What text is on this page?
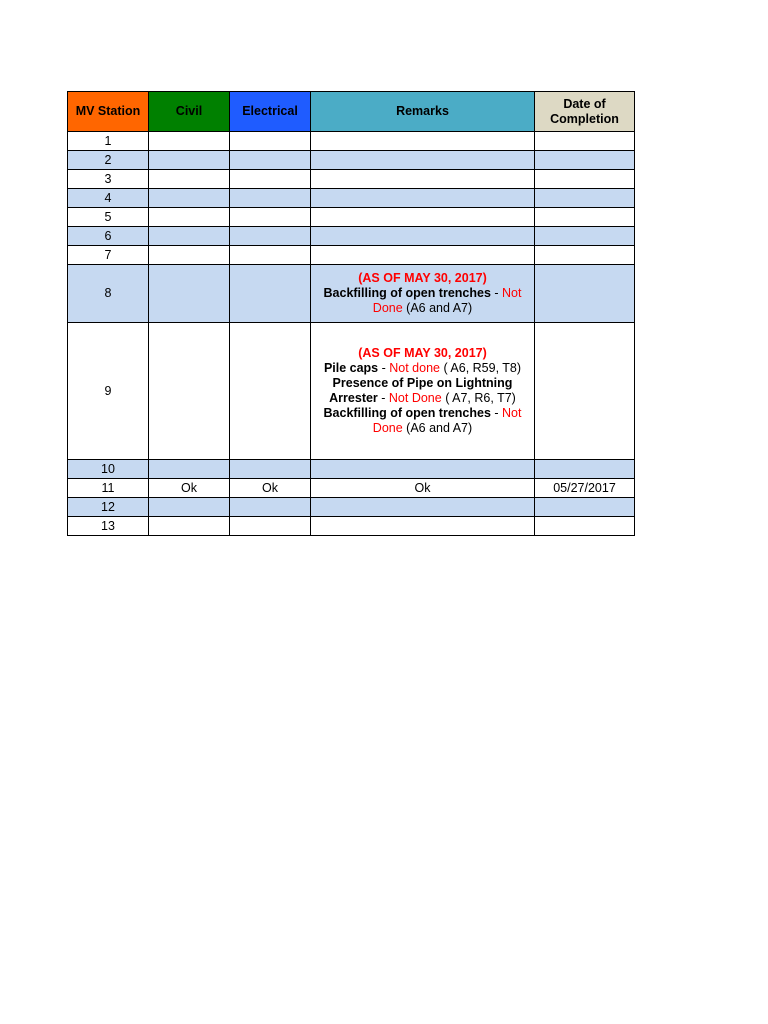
MV Station	Civil	Electrical	Remarks	Date of Completion
1				
2				
3				
4				
5				
6				
7				
8			(AS OF MAY 30, 2017)
Backfilling of open trenches - Not Done (A6 and A7)	

9			(AS OF MAY 30, 2017)
Pile caps - Not done ( A6, R59, T8)
Presence of Pipe on Lightning Arrester - Not Done ( A7, R6, T7)
Backfilling of open trenches - Not Done (A6 and A7)	

10				
11	Ok	Ok	Ok	05/27/2017
12				
13				
